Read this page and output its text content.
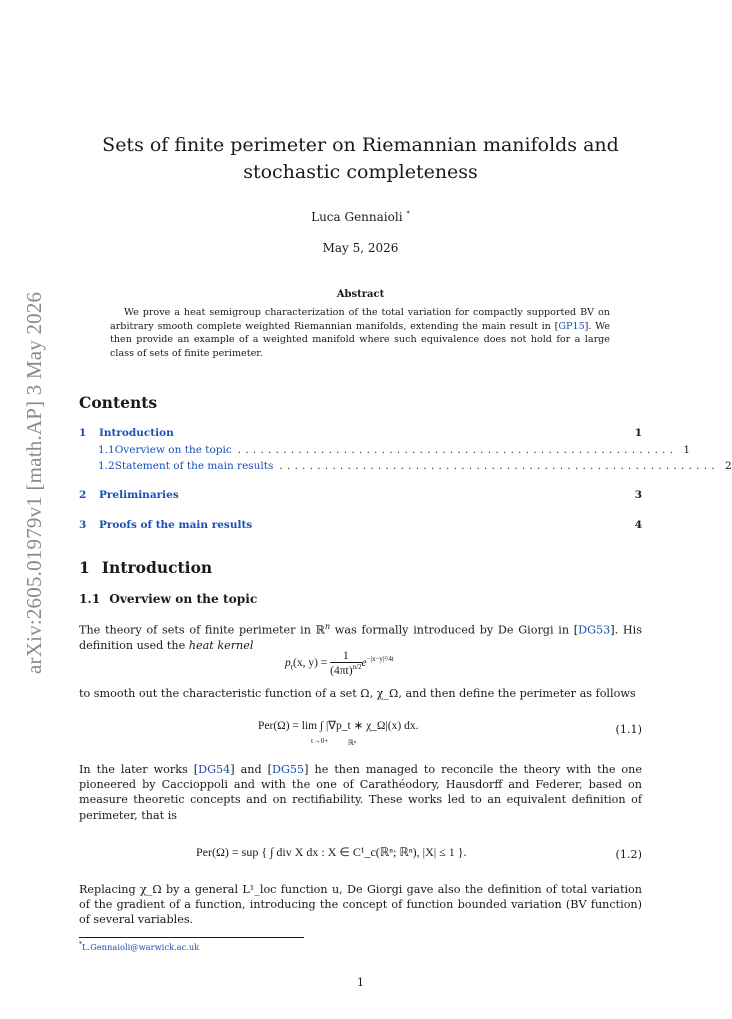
arXiv:2605.01979v1 [math.AP] 3 May 2026
Sets of finite perimeter on Riemannian manifolds and
stochastic completeness
Luca Gennaioli *
May 5, 2026
Abstract
We prove a heat semigroup characterization of the total variation for compactly supported BV on arbitrary smooth complete weighted Riemannian manifolds, extending the main result in [GP15]. We then provide an example of a weighted manifold where such equivalence does not hold for a large class of sets of finite perimeter.
Contents
1	Introduction	1
1.1 Overview on the topic .......................................................... 1
1.2 Statement of the main results .......................................................... 2
2	Preliminaries	3
3	Proofs of the main results	4
1 Introduction
1.1 Overview on the topic
The theory of sets of finite perimeter in ℝ$^n$ was formally introduced by De Giorgi in [DG53]. His definition used the heat kernel
$p_t(x$, $y) = \frac{1}{(4\pi t)^{n/2}} e^{-|x-y|^2/4t}$
to smooth out the characteristic function of a set Ω, χ_Ω, and then define the perimeter as follows
Per(Ω) = lim ∫ |∇p_t ∗ χ_Ω|(x) dx.
t→0+	ℝⁿ
(1.1)
In the later works [DG54] and [DG55] he then managed to reconcile the theory with the one pioneered by Caccioppoli and with the one of Carathéodory, Hausdorff and Federer, based on measure theoretic concepts and on rectifiability. These works led to an equivalent definition of perimeter, that is
Per(Ω) = sup { ∫ div X dx : X ∈ C¹_c(ℝⁿ; ℝⁿ), |X| ≤ 1 }.	(1.2)
Replacing χ_Ω by a general L¹_loc function u, De Giorgi gave also the definition of total variation of the gradient of a function, introducing the concept of function bounded variation (BV function) of several variables.
*L.Gennaioli@warwick.ac.uk
1
